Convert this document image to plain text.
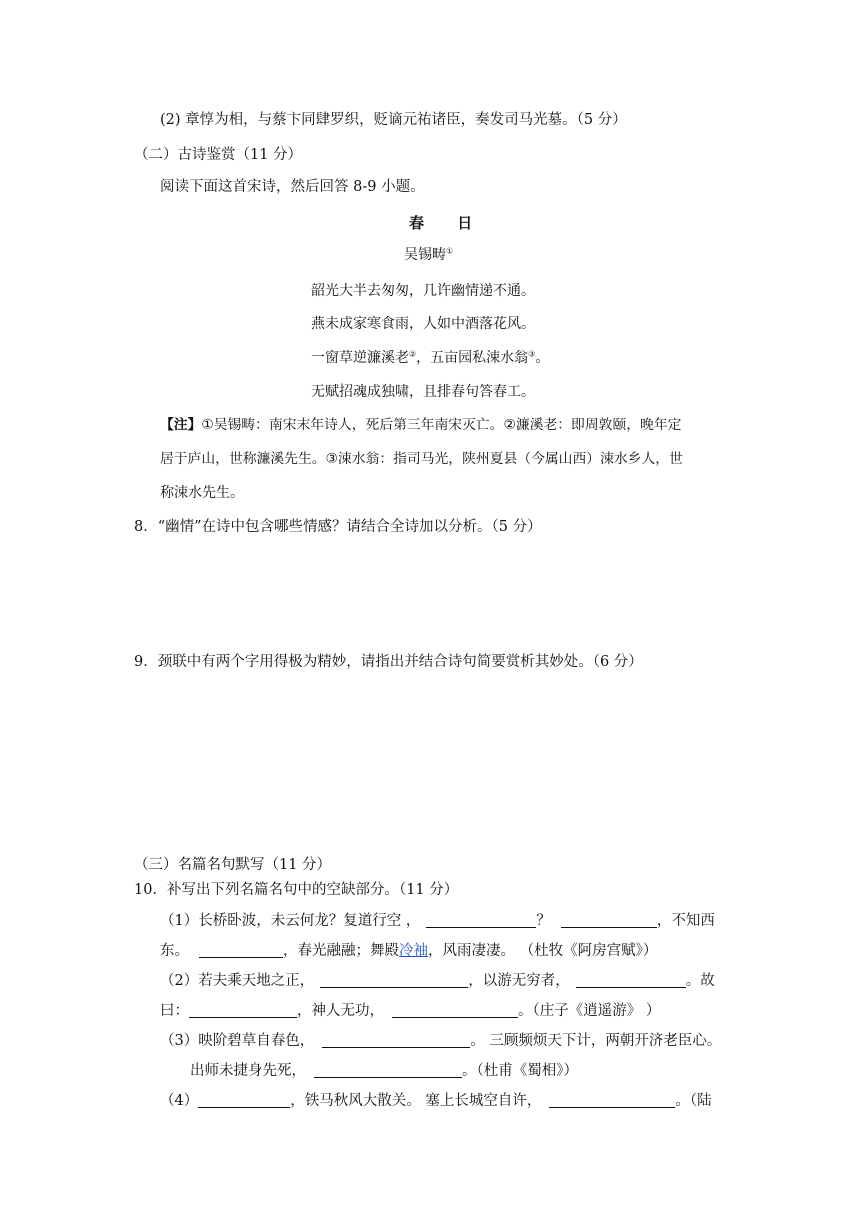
(2) 章惇为相，与蔡卞同肆罗织，贬谪元祐诸臣，奏发司马光墓。（5 分）
（二）古诗鉴赏（11 分）
阅读下面这首宋诗，然后回答 8-9 小题。
春 日
吴锡畴①
韶光大半去匆匆，几许幽情递不通。
燕未成家寒食雨，人如中酒落花风。
一窗草逆濂溪老②，五亩园私涑水翁③。
无赋招魂成独啸，且排春句答春工。
【注】①吴锡畴：南宋末年诗人，死后第三年南宋灭亡。②濂溪老：即周敦颐，晚年定
居于庐山，世称濂溪先生。③涑水翁：指司马光，陕州夏县（今属山西）涑水乡人，世
称涑水先生。
8．“幽情”在诗中包含哪些情感？请结合全诗加以分析。（5 分）
9．颈联中有两个字用得极为精妙，请指出并结合诗句简要赏析其妙处。（6 分）
（三）名篇名句默写（11 分）
10．补写出下列名篇名句中的空缺部分。（11 分）
（1）长桥卧波，未云何龙？复道行空 ，	？	，不知西
东。	，春光融融；舞殿冷袖，风雨凄凄。 （杜牧《阿房宫赋》）
（2）若夫乘天地之正，	，以游无穷者，	。故
曰：	，神人无功，	。（庄子《逍遥游》 ）
（3）映阶碧草自春色，	。 三顾频烦天下计，两朝开济老臣心。
出师未捷身先死，	。（杜甫《蜀相》）
（4）	，铁马秋风大散关。 塞上长城空自许，	。（陆
